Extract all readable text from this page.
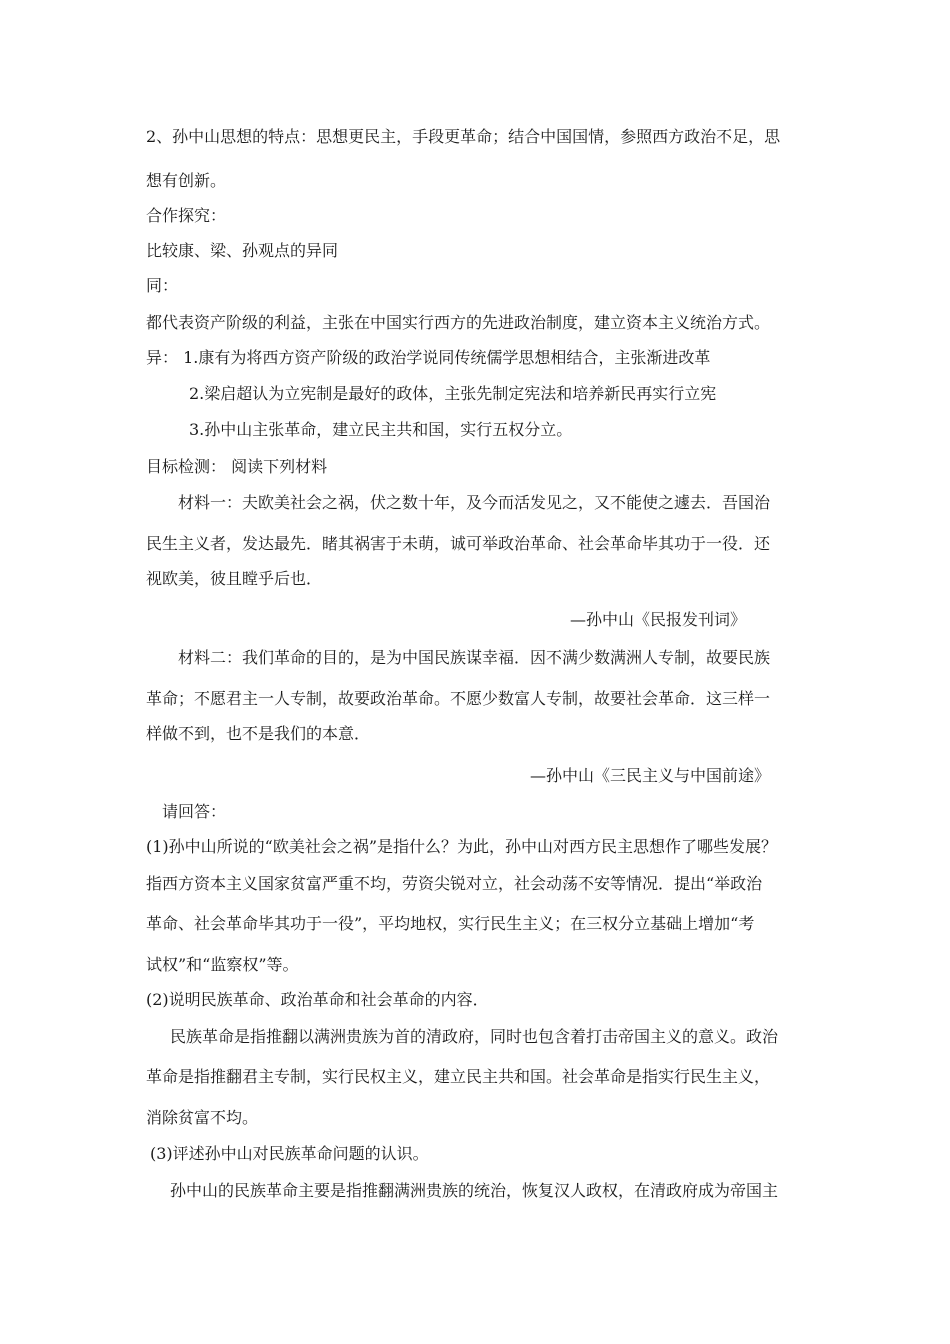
2、孙中山思想的特点：思想更民主，手段更革命；结合中国国情，参照西方政治不足，思
想有创新。
合作探究：
比较康、梁、孙观点的异同
同：
都代表资产阶级的利益，主张在中国实行西方的先进政治制度，建立资本主义统治方式。
异： 1.康有为将西方资产阶级的政治学说同传统儒学思想相结合，主张渐进改革
2.梁启超认为立宪制是最好的政体，主张先制定宪法和培养新民再实行立宪
3.孙中山主张革命，建立民主共和国，实行五权分立。
目标检测： 阅读下列材料
材料一：夫欧美社会之祸，伏之数十年，及今而活发见之，又不能使之遽去．吾国治
民生主义者，发达最先．睹其祸害于未萌，诚可举政治革命、社会革命毕其功于一役．还
视欧美，彼且瞠乎后也．
—孙中山《民报发刊词》
材料二：我们革命的目的，是为中国民族谋幸福．因不满少数满洲人专制，故要民族
革命；不愿君主一人专制，故要政治革命。不愿少数富人专制，故要社会革命．这三样一
样做不到，也不是我们的本意．
—孙中山《三民主义与中国前途》
请回答：
(1)孙中山所说的“欧美社会之祸”是指什么？为此，孙中山对西方民主思想作了哪些发展？
指西方资本主义国家贫富严重不均，劳资尖锐对立，社会动荡不安等情况．提出“举政治
革命、社会革命毕其功于一役”，平均地权，实行民生主义；在三权分立基础上增加“考
试权”和“监察权”等。
(2)说明民族革命、政治革命和社会革命的内容．
民族革命是指推翻以满洲贵族为首的清政府，同时也包含着打击帝国主义的意义。政治
革命是指推翻君主专制，实行民权主义，建立民主共和国。社会革命是指实行民生主义，
消除贫富不均。
(3)评述孙中山对民族革命问题的认识。
孙中山的民族革命主要是指推翻满洲贵族的统治，恢复汉人政权，在清政府成为帝国主
